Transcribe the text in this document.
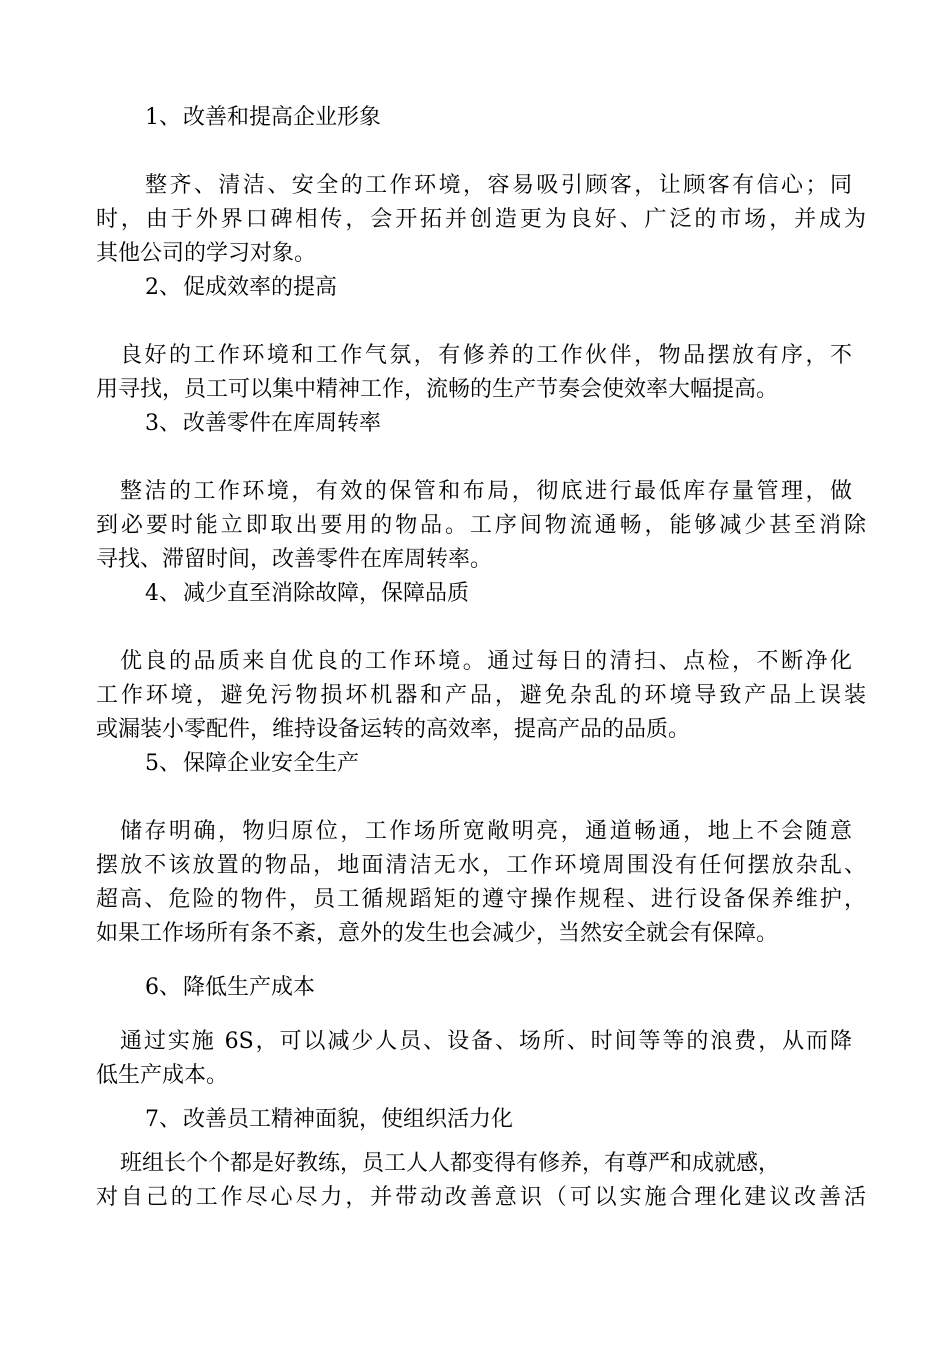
1、改善和提高企业形象
整齐、清洁、安全的工作环境，容易吸引顾客，让顾客有信心；同
时，由于外界口碑相传，会开拓并创造更为良好、广泛的市场，并成为
其他公司的学习对象。
2、促成效率的提高
良好的工作环境和工作气氛，有修养的工作伙伴，物品摆放有序，不
用寻找，员工可以集中精神工作，流畅的生产节奏会使效率大幅提高。
3、改善零件在库周转率
整洁的工作环境，有效的保管和布局，彻底进行最低库存量管理，做
到必要时能立即取出要用的物品。工序间物流通畅，能够减少甚至消除
寻找、滞留时间，改善零件在库周转率。
4、减少直至消除故障，保障品质
优良的品质来自优良的工作环境。通过每日的清扫、点检，不断净化
工作环境，避免污物损坏机器和产品，避免杂乱的环境导致产品上误装
或漏装小零配件，维持设备运转的高效率，提高产品的品质。
5、保障企业安全生产
储存明确，物归原位，工作场所宽敞明亮，通道畅通，地上不会随意
摆放不该放置的物品，地面清洁无水，工作环境周围没有任何摆放杂乱、
超高、危险的物件，员工循规蹈矩的遵守操作规程、进行设备保养维护，
如果工作场所有条不紊，意外的发生也会减少，当然安全就会有保障。
6、降低生产成本
通过实施 6S，可以减少人员、设备、场所、时间等等的浪费，从而降
低生产成本。
7、改善员工精神面貌，使组织活力化
班组长个个都是好教练，员工人人都变得有修养，有尊严和成就感，
对自己的工作尽心尽力，并带动改善意识（可以实施合理化建议改善活
